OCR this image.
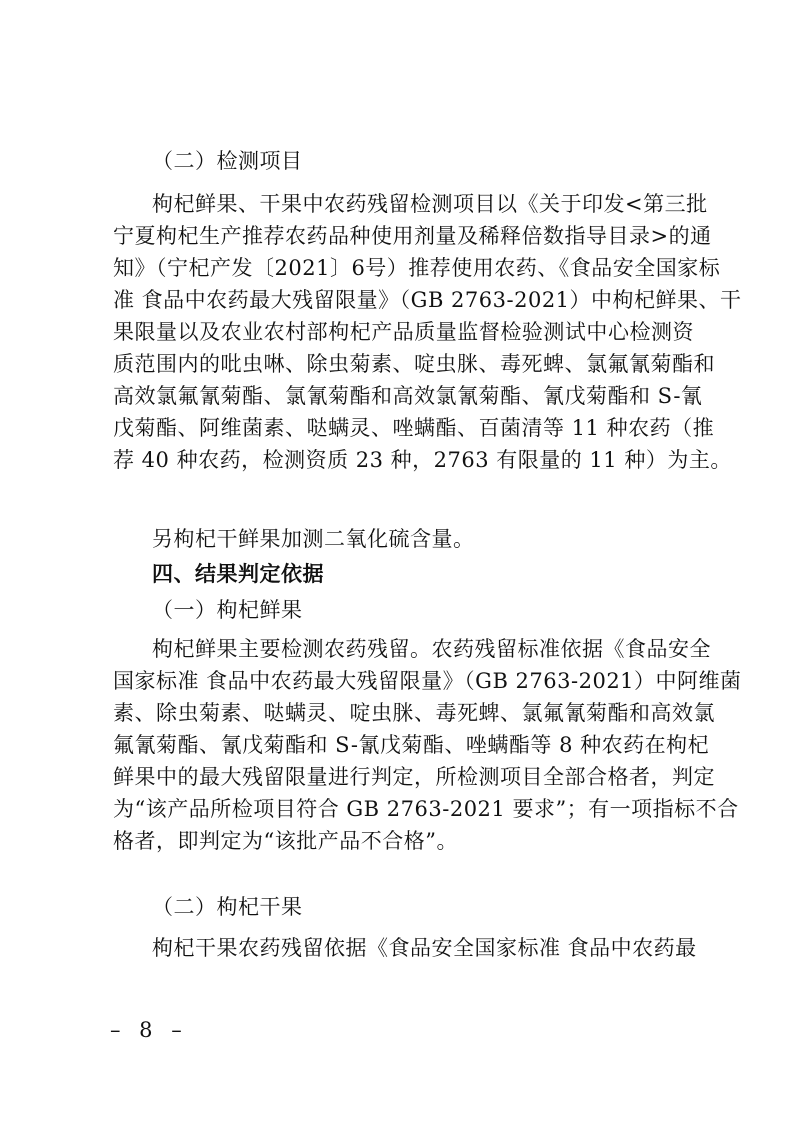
（二）检测项目
枸杞鲜果、干果中农药残留检测项目以《关于印发<第三批
宁夏枸杞生产推荐农药品种使用剂量及稀释倍数指导目录>的通
知》（宁杞产发〔2021〕6号）推荐使用农药、《食品安全国家标
准 食品中农药最大残留限量》（GB 2763-2021）中枸杞鲜果、干
果限量以及农业农村部枸杞产品质量监督检验测试中心检测资
质范围内的吡虫啉、除虫菊素、啶虫脒、毒死蜱、氯氟氰菊酯和
高效氯氟氰菊酯、氯氰菊酯和高效氯氰菊酯、氰戊菊酯和 S-氰
戊菊酯、阿维菌素、哒螨灵、唑螨酯、百菌清等 11 种农药（推
荐 40 种农药，检测资质 23 种，2763 有限量的 11 种）为主。
另枸杞干鲜果加测二氧化硫含量。
四、结果判定依据
（一）枸杞鲜果
枸杞鲜果主要检测农药残留。农药残留标准依据《食品安全
国家标准 食品中农药最大残留限量》（GB 2763-2021）中阿维菌
素、除虫菊素、哒螨灵、啶虫脒、毒死蜱、氯氟氰菊酯和高效氯
氟氰菊酯、氰戊菊酯和 S-氰戊菊酯、唑螨酯等 8 种农药在枸杞
鲜果中的最大残留限量进行判定，所检测项目全部合格者，判定
为“该产品所检项目符合 GB 2763-2021 要求”；有一项指标不合
格者，即判定为“该批产品不合格”。
（二）枸杞干果
枸杞干果农药残留依据《食品安全国家标准 食品中农药最
– 8 –
